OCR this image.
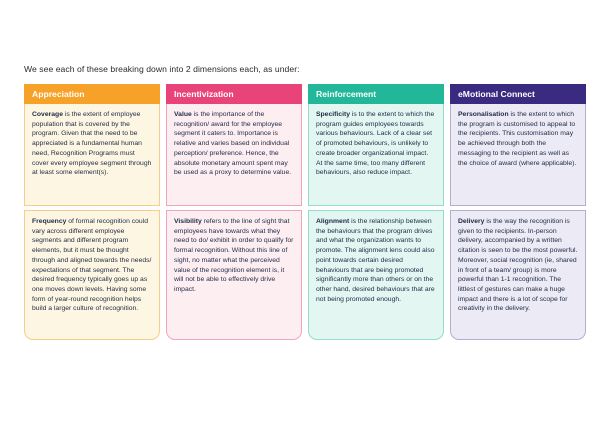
We see each of these breaking down into 2 dimensions each, as under:
Appreciation
Coverage is the extent of employee population that is covered by the program. Given that the need to be appreciated is a fundamental human need, Recognition Programs must cover every employee segment through at least some element(s).
Frequency of formal recognition could vary across different employee segments and different program elements, but it must be thought through and aligned towards the needs/ expectations of that segment. The desired frequency typically goes up as one moves down levels. Having some form of year-round recognition helps build a larger culture of recognition.
Incentivization
Value is the importance of the recognition/ award for the employee segment it caters to. Importance is relative and varies based on individual perception/ preference. Hence, the absolute monetary amount spent may be used as a proxy to determine value.
Visibility refers to the line of sight that employees have towards what they need to do/ exhibit in order to qualify for formal recognition. Without this line of sight, no matter what the perceived value of the recognition element is, it will not be able to effectively drive impact.
Reinforcement
Specificity is to the extent to which the program guides employees towards various behaviours. Lack of a clear set of promoted behaviours, is unlikely to create broader organizational impact. At the same time, too many different behaviours, also reduce impact.
Alignment is the relationship between the behaviours that the program drives and what the organization wants to promote. The alignment lens could also point towards certain desired behaviours that are being promoted significantly more than others or on the other hand, desired behaviours that are not being promoted enough.
eMotional Connect
Personalisation is the extent to which the program is customised to appeal to the recipients. This customisation may be achieved through both the messaging to the recipient as well as the choice of award (where applicable).
Delivery is the way the recognition is given to the recipients. In-person delivery, accompanied by a written citation is seen to be the most powerful. Moreover, social recognition (ie, shared in front of a team/ group) is more powerful than 1-1 recognition. The littlest of gestures can make a huge impact and there is a lot of scope for creativity in the delivery.
